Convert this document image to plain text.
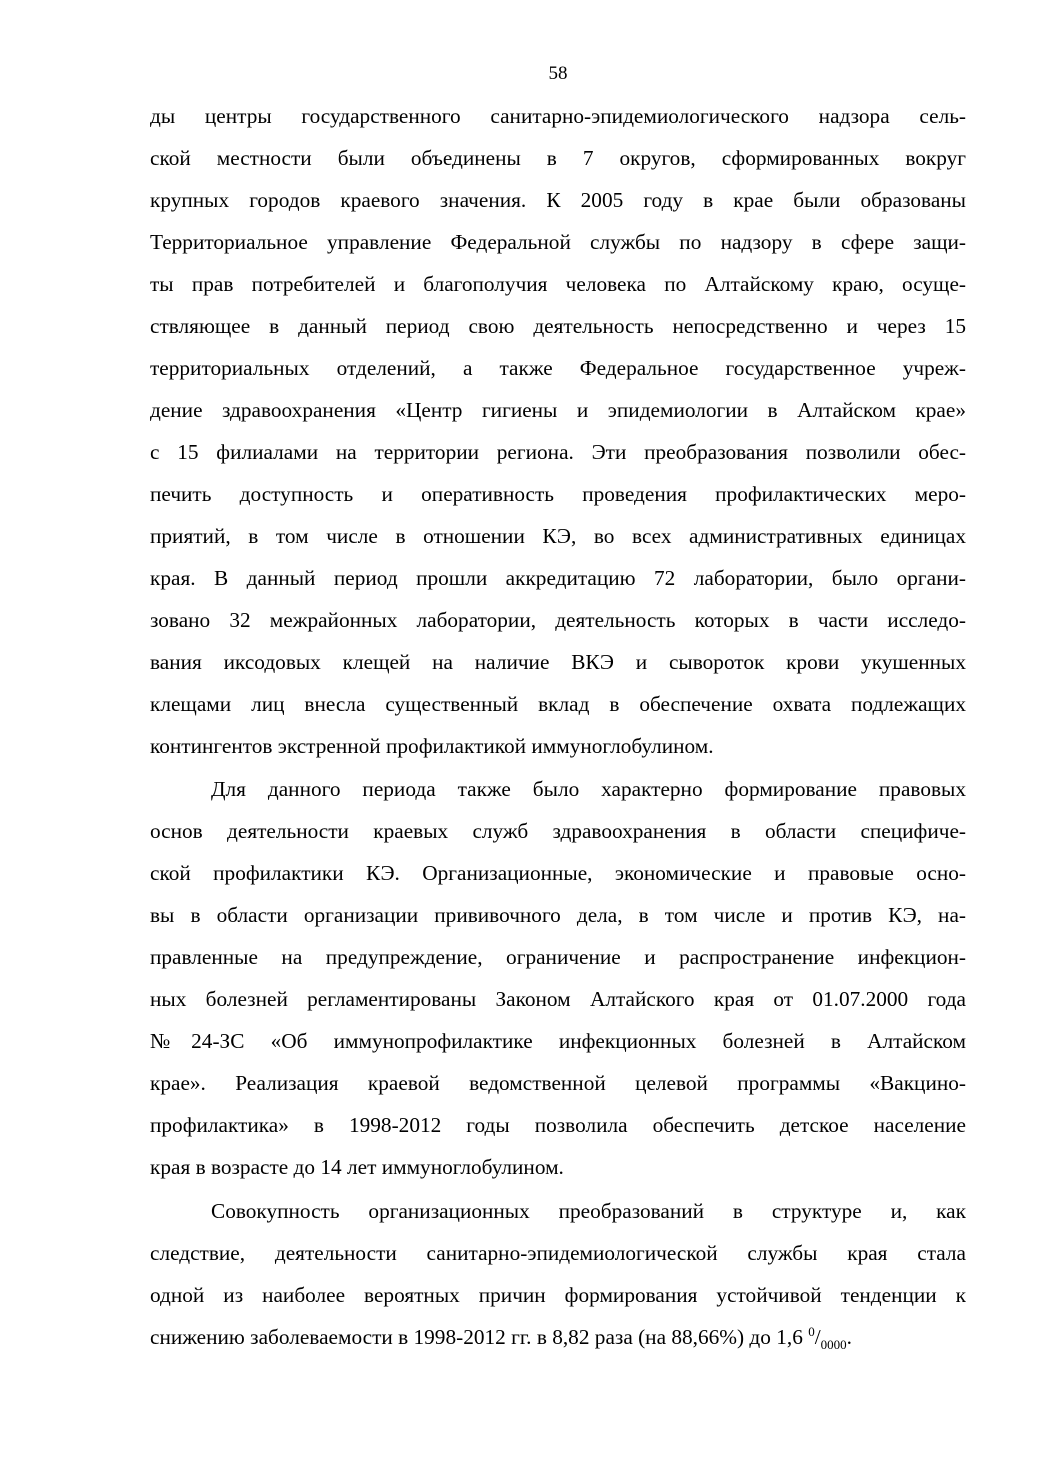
58
ды центры государственного санитарно-эпидемиологического надзора сель-
ской местности были объединены в 7 округов, сформированных вокруг
крупных городов краевого значения. К 2005 году в крае были образованы
Территориальное управление Федеральной службы по надзору в сфере защи-
ты прав потребителей и благополучия человека по Алтайскому краю, осуще-
ствляющее в данный период свою деятельность непосредственно и через 15
территориальных отделений, а также Федеральное государственное учреж-
дение здравоохранения «Центр гигиены и эпидемиологии в Алтайском крае»
с 15 филиалами на территории региона. Эти преобразования позволили обес-
печить доступность и оперативность проведения профилактических меро-
приятий, в том числе в отношении КЭ, во всех административных единицах
края. В данный период прошли аккредитацию 72 лаборатории, было органи-
зовано 32 межрайонных лаборатории, деятельность которых в части исследо-
вания иксодовых клещей на наличие ВКЭ и сывороток крови укушенных
клещами лиц внесла существенный вклад в обеспечение охвата подлежащих
контингентов экстренной профилактикой иммуноглобулином.
Для данного периода также было характерно формирование правовых
основ деятельности краевых служб здравоохранения в области специфиче-
ской профилактики КЭ. Организационные, экономические и правовые осно-
вы в области организации прививочного дела, в том числе и против КЭ, на-
правленные на предупреждение, ограничение и распространение инфекцион-
ных болезней регламентированы Законом Алтайского края от 01.07.2000 года
№24-ЗС «Об иммунопрофилактике инфекционных болезней в Алтайском
крае». Реализация краевой ведомственной целевой программы «Вакцино-
профилактика» в 1998-2012 годы позволила обеспечить детское население
края в возрасте до 14 лет иммуноглобулином.
Совокупность организационных преобразований в структуре и, как
следствие, деятельности санитарно-эпидемиологической службы края стала
одной из наиболее вероятных причин формирования устойчивой тенденции к
снижению заболеваемости в 1998-2012 гг. в 8,82 раза (на 88,66%) до 1,6 $^0/_{0000}$.
